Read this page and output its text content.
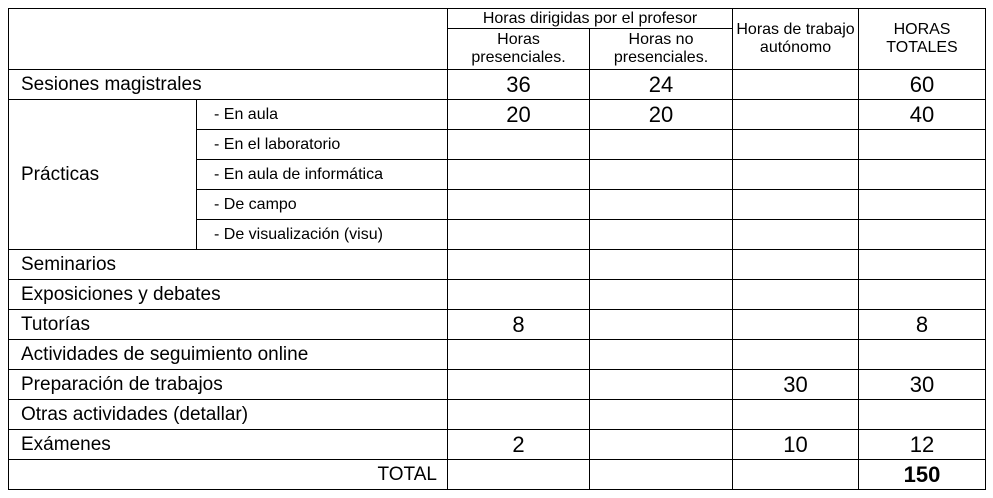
		Horas dirigidas por el profesor		Horas de trabajo autónomo	HORAS TOTALES
		Horas presenciales.	Horas no presenciales.		
Sesiones magistrales		36	24		60
Prácticas	- En aula	20	20		40
	- En el laboratorio				
	- En aula de informática				
	- De campo				
	- De visualización (visu)				
Seminarios					
Exposiciones y debates					
Tutorías		8			8
Actividades de seguimiento online					
Preparación de trabajos				30	30
Otras actividades (detallar)					
Exámenes		2		10	12
TOTAL					150
